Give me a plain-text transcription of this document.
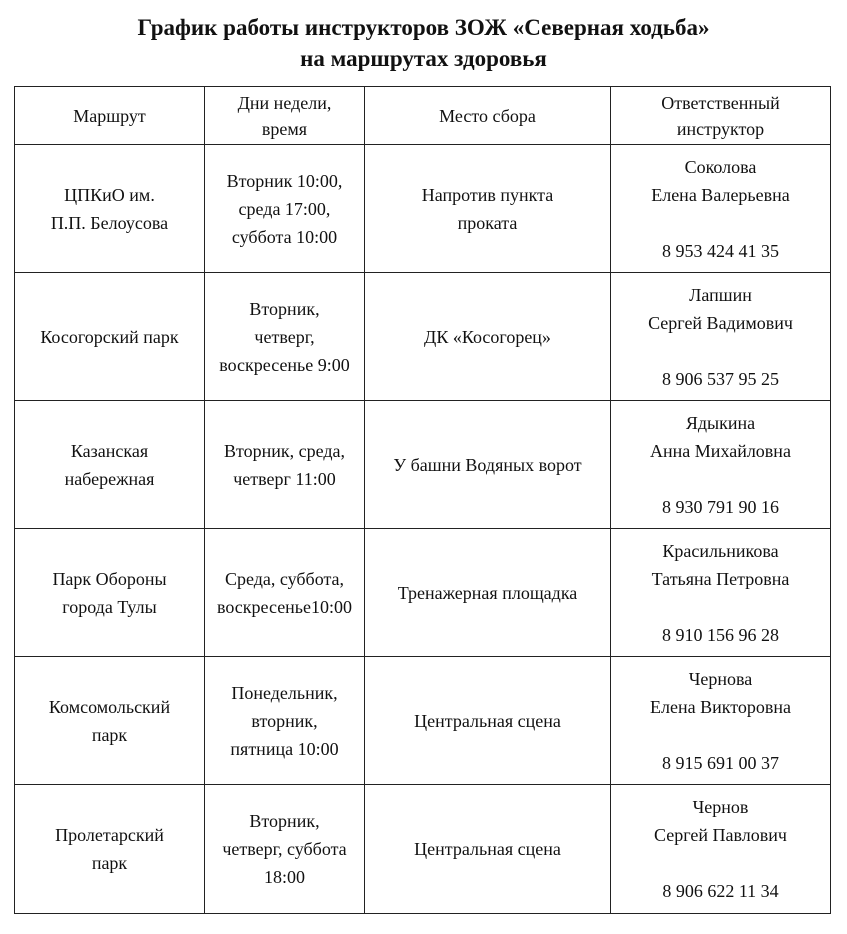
График работы инструкторов ЗОЖ «Северная ходьба»
на маршрутах здоровья
Маршрут	Дни недели,
время	Место сбора	Ответственный
инструктор

ЦПКиО им.
П.П. Белоусова	Вторник 10:00,
среда 17:00,
суббота 10:00	Напротив пункта
проката	Соколова
Елена Валерьевна
8 953 424 41 35

Косогорский парк	Вторник,
четверг,
воскресенье 9:00	ДК «Косогорец»	Лапшин
Сергей Вадимович
8 906 537 95 25

Казанская
набережная	Вторник, среда,
четверг 11:00	У башни Водяных ворот	Ядыкина
Анна Михайловна
8 930 791 90 16

Парк Обороны
города Тулы	Среда, суббота,
воскресенье10:00	Тренажерная площадка	Красильникова
Татьяна Петровна
8 910 156 96 28

Комсомольский
парк	Понедельник,
вторник,
пятница 10:00	Центральная сцена	Чернова
Елена Викторовна
8 915 691 00 37

Пролетарский
парк	Вторник,
четверг, суббота
18:00	Центральная сцена	Чернов
Сергей Павлович
8 906 622 11 34
